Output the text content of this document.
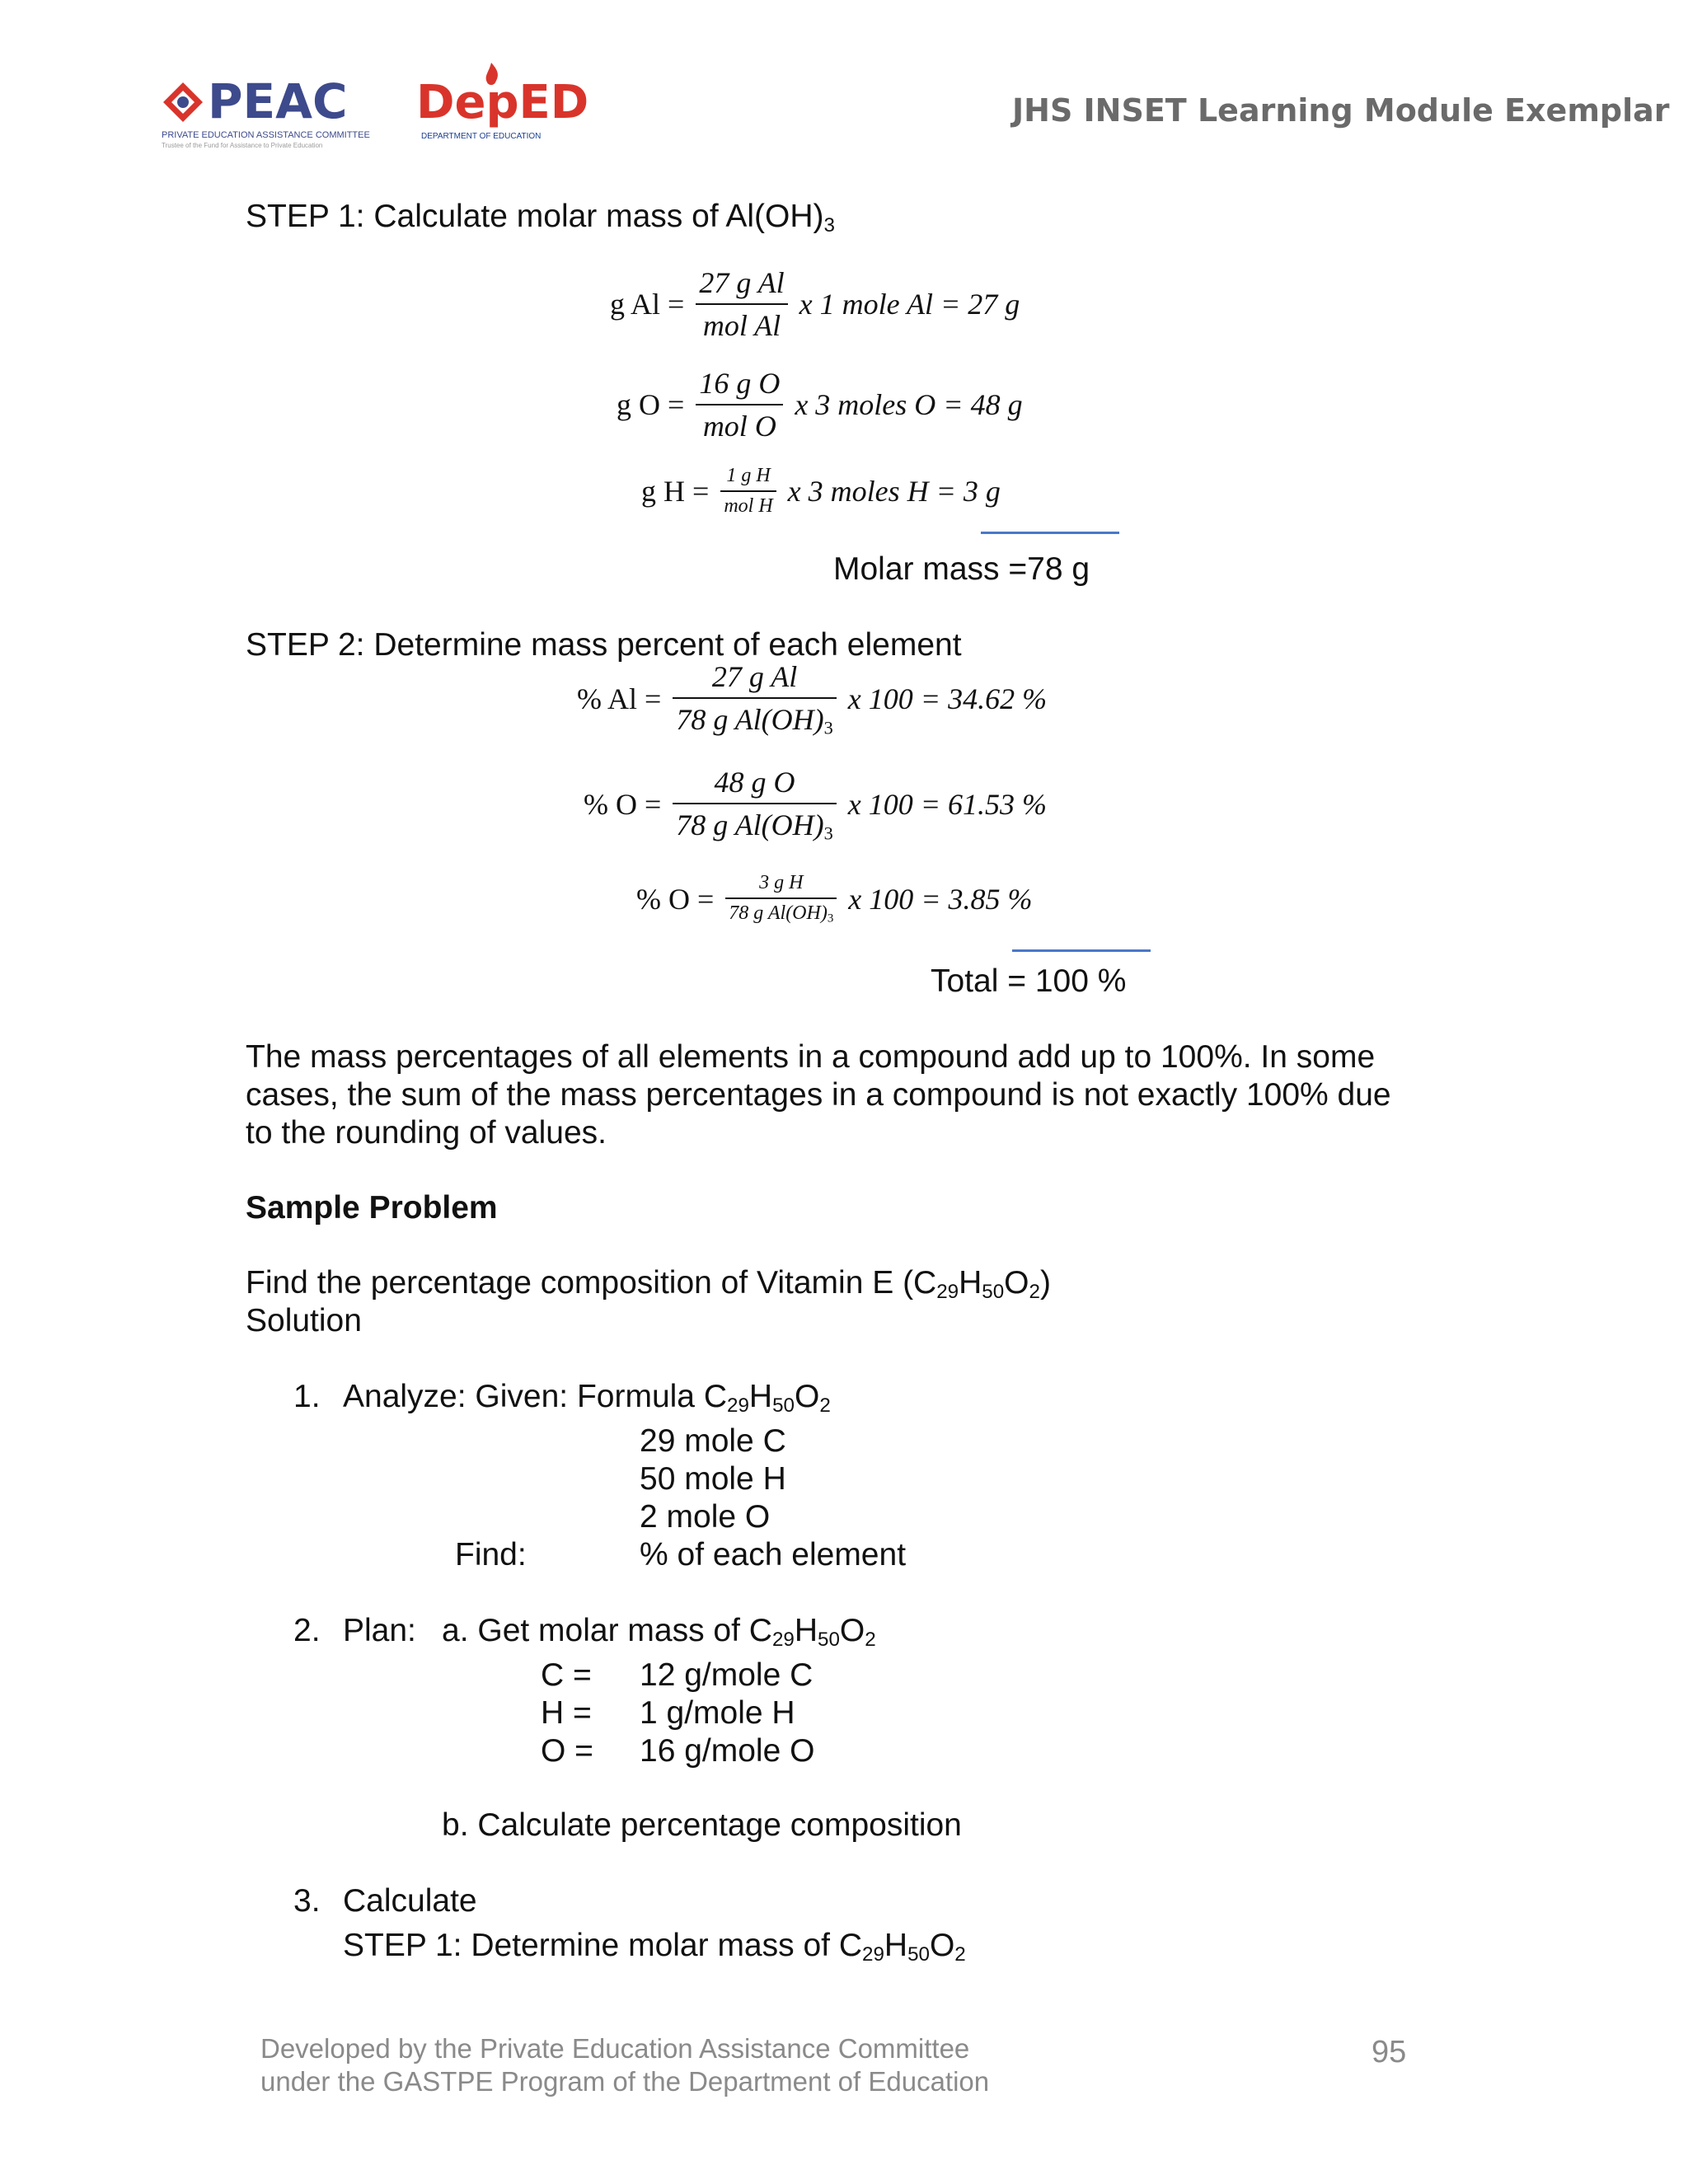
PEAC
PRIVATE EDUCATION ASSISTANCE COMMITTEE
Trustee of the Fund for Assistance to Private Education
DepED
DEPARTMENT OF EDUCATION
JHS INSET Learning Module Exemplar
STEP 1: Calculate molar mass of $Al(OH)_3$
g $Al = \frac{\text{27 g Al}}{\text{mol Al}}$ x 1 mole Al = 27 g
g $O = \frac{\text{16 g O}}{\text{mol O}}$ x 3 moles O = 48 g
g $H = \frac{\text{1 g H}}{\text{mol H}}$ x 3 moles H = 3 g
Molar mass =78 g
STEP 2: Determine mass percent of each element
% $Al = \frac{\text{27 g Al}}{78 g Al(OH)_3}$ x 100 = 34.62 %
% $O = \frac{\text{48 g O}}{78 g Al(OH)_3}$ x 100 = 61.53 %
% $O = \frac{\text{3 g H}}{78 g Al(OH)_3}$ x 100 = 3.85 %
Total = 100 %
The mass percentages of all elements in a compound add up to 100%. In some
cases, the sum of the mass percentages in a compound is not exactly 100% due
to the rounding of values.
Sample Problem
Find the percentage composition of Vitamin E $(C_{29}H_{50}O_2)$
Solution
1. Analyze: Given: Formula $C_{29}H_{50}O_2$
29 mole C
50 mole H
2 mole O
Find:	% of each element
2. Plan: a. Get molar mass of $C_{29}H_{50}O_2$
C = 12 g/mole C
H = 1 g/mole H
O = 16 g/mole O
b. Calculate percentage composition
3. Calculate
STEP 1: Determine molar mass of $C_{29}H_{50}O_2$
Developed by the Private Education Assistance Committee
under the GASTPE Program of the Department of Education
95
